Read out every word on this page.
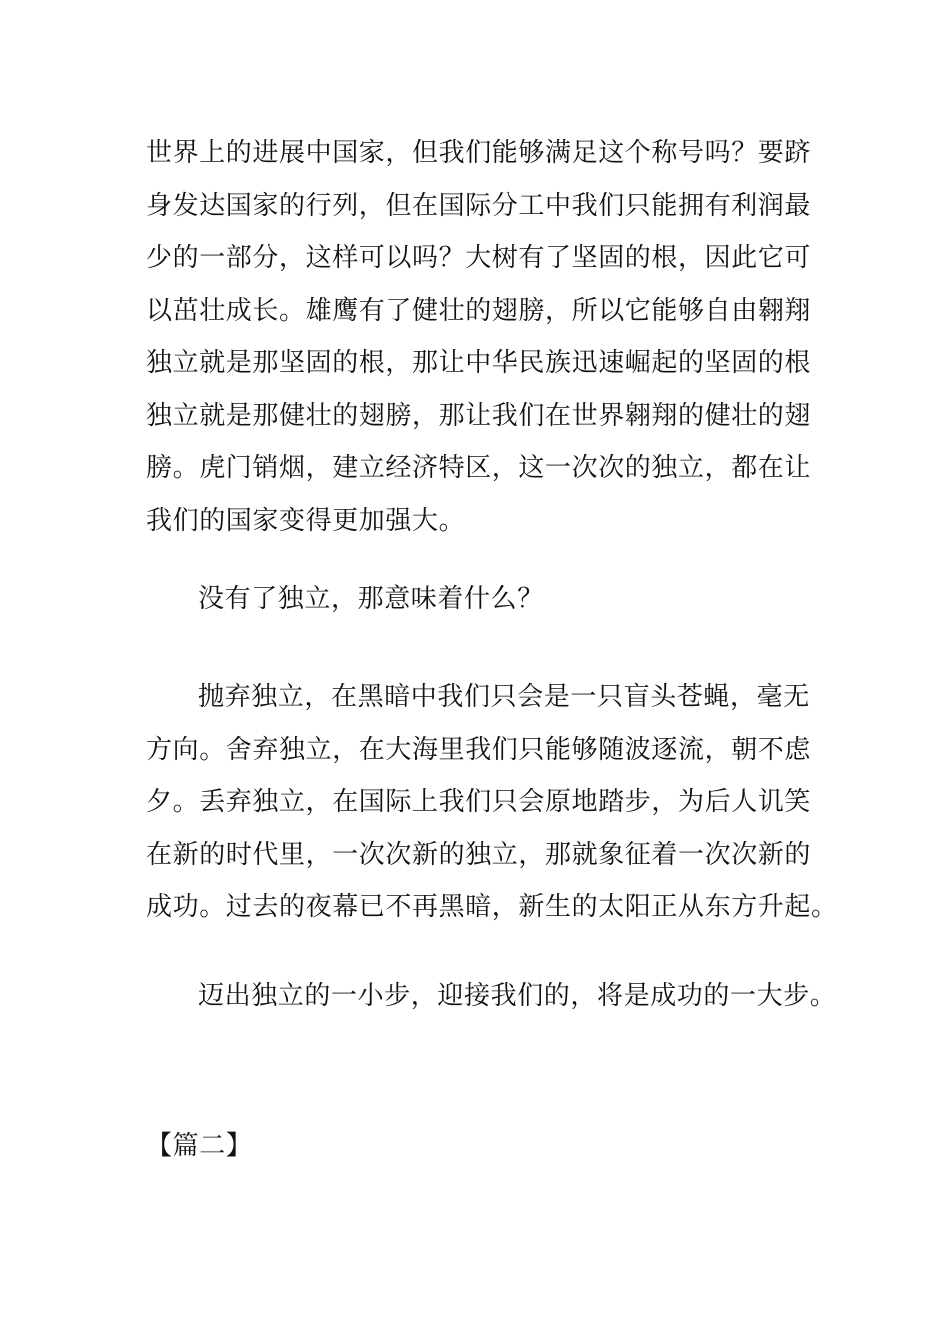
世界上的进展中国家，但我们能够满足这个称号吗？要跻
身发达国家的行列，但在国际分工中我们只能拥有利润最
少的一部分，这样可以吗？大树有了坚固的根，因此它可
以茁壮成长。雄鹰有了健壮的翅膀，所以它能够自由翱翔
独立就是那坚固的根，那让中华民族迅速崛起的坚固的根
独立就是那健壮的翅膀，那让我们在世界翱翔的健壮的翅
膀。虎门销烟，建立经济特区，这一次次的独立，都在让
我们的国家变得更加强大。

没有了独立，那意味着什么？

抛弃独立，在黑暗中我们只会是一只盲头苍蝇，毫无
方向。舍弃独立，在大海里我们只能够随波逐流，朝不虑
夕。丢弃独立，在国际上我们只会原地踏步，为后人讥笑
在新的时代里，一次次新的独立，那就象征着一次次新的
成功。过去的夜幕已不再黑暗，新生的太阳正从东方升起。

迈出独立的一小步，迎接我们的，将是成功的一大步。

【篇二】
